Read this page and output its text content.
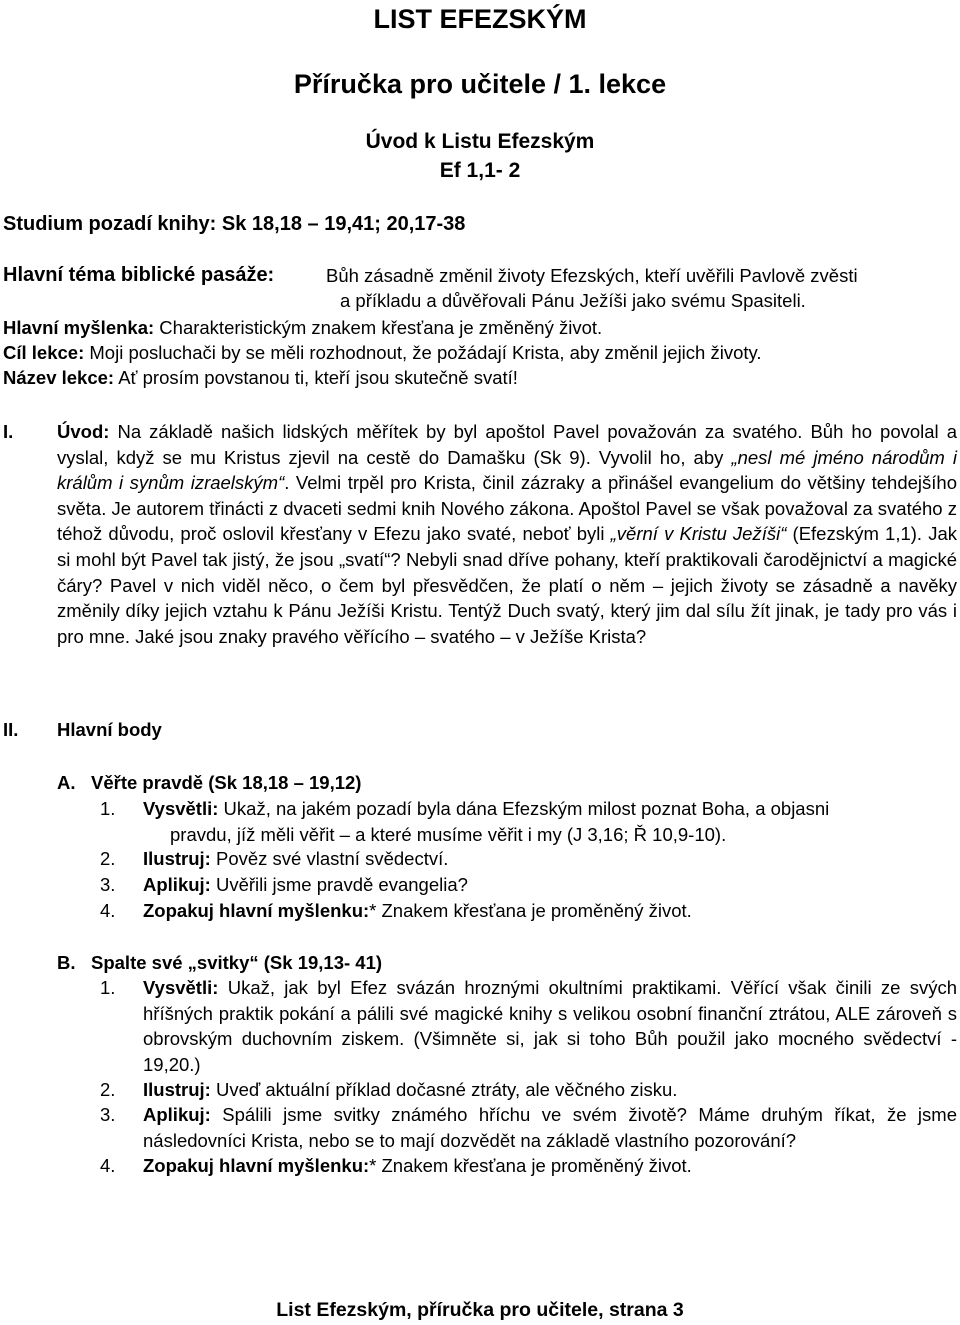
LIST EFEZSKÝM
Příručka pro učitele / 1. lekce
Úvod k Listu Efezským
Ef 1,1- 2
Studium pozadí knihy: Sk 18,18 – 19,41; 20,17-38
Hlavní téma biblické pasáže:	Bůh zásadně změnil životy Efezských, kteří uvěřili Pavlově zvěsti
a příkladu a důvěřovali Pánu Ježíši jako svému Spasiteli.
Hlavní myšlenka: Charakteristickým znakem křesťana je změněný život.
Cíl lekce: Moji posluchači by se měli rozhodnout, že požádají Krista, aby změnil jejich životy.
Název lekce: Ať prosím povstanou ti, kteří jsou skutečně svatí!
I. Úvod: Na základě našich lidských měřítek by byl apoštol Pavel považován za svatého. Bůh ho povolal a vyslal, když se mu Kristus zjevil na cestě do Damašku (Sk 9). Vyvolil ho, aby „nesl mé jméno národům i králům i synům izraelským“. Velmi trpěl pro Krista, činil zázraky a přinášel evangelium do většiny tehdejšího světa. Je autorem třinácti z dvaceti sedmi knih Nového zákona. Apoštol Pavel se však považoval za svatého z téhož důvodu, proč oslovil křesťany v Efezu jako svaté, neboť byli „věrní v Kristu Ježíši“ (Efezským 1,1). Jak si mohl být Pavel tak jistý, že jsou „svatí“? Nebyli snad dříve pohany, kteří praktikovali čarodějnictví a magické čáry? Pavel v nich viděl něco, o čem byl přesvědčen, že platí o něm – jejich životy se zásadně a navěky změnily díky jejich vztahu k Pánu Ježíši Kristu. Tentýž Duch svatý, který jim dal sílu žít jinak, je tady pro vás i pro mne. Jaké jsou znaky pravého věřícího – svatého – v Ježíše Krista?
II. Hlavní body
A. Věřte pravdě (Sk 18,18 – 19,12)
1. Vysvětli: Ukaž, na jakém pozadí byla dána Efezským milost poznat Boha, a objasni
pravdu, jíž měli věřit – a které musíme věřit i my (J 3,16; Ř 10,9-10).
2. Ilustruj: Pověz své vlastní svědectví.
3. Aplikuj: Uvěřili jsme pravdě evangelia?
4. Zopakuj hlavní myšlenku:* Znakem křesťana je proměněný život.
B. Spalte své „svitky“ (Sk 19,13- 41)
1. Vysvětli: Ukaž, jak byl Efez svázán hroznými okultními praktikami. Věřící však činili ze svých hříšných praktik pokání a pálili své magické knihy s velikou osobní finanční ztrátou, ALE zároveň s obrovským duchovním ziskem. (Všimněte si, jak si toho Bůh použil jako mocného svědectví - 19,20.)
2. Ilustruj: Uveď aktuální příklad dočasné ztráty, ale věčného zisku.
3. Aplikuj: Spálili jsme svitky známého hříchu ve svém životě? Máme druhým říkat, že jsme následovníci Krista, nebo se to mají dozvědět na základě vlastního pozorování?
4. Zopakuj hlavní myšlenku:* Znakem křesťana je proměněný život.
List Efezským, příručka pro učitele, strana 3
